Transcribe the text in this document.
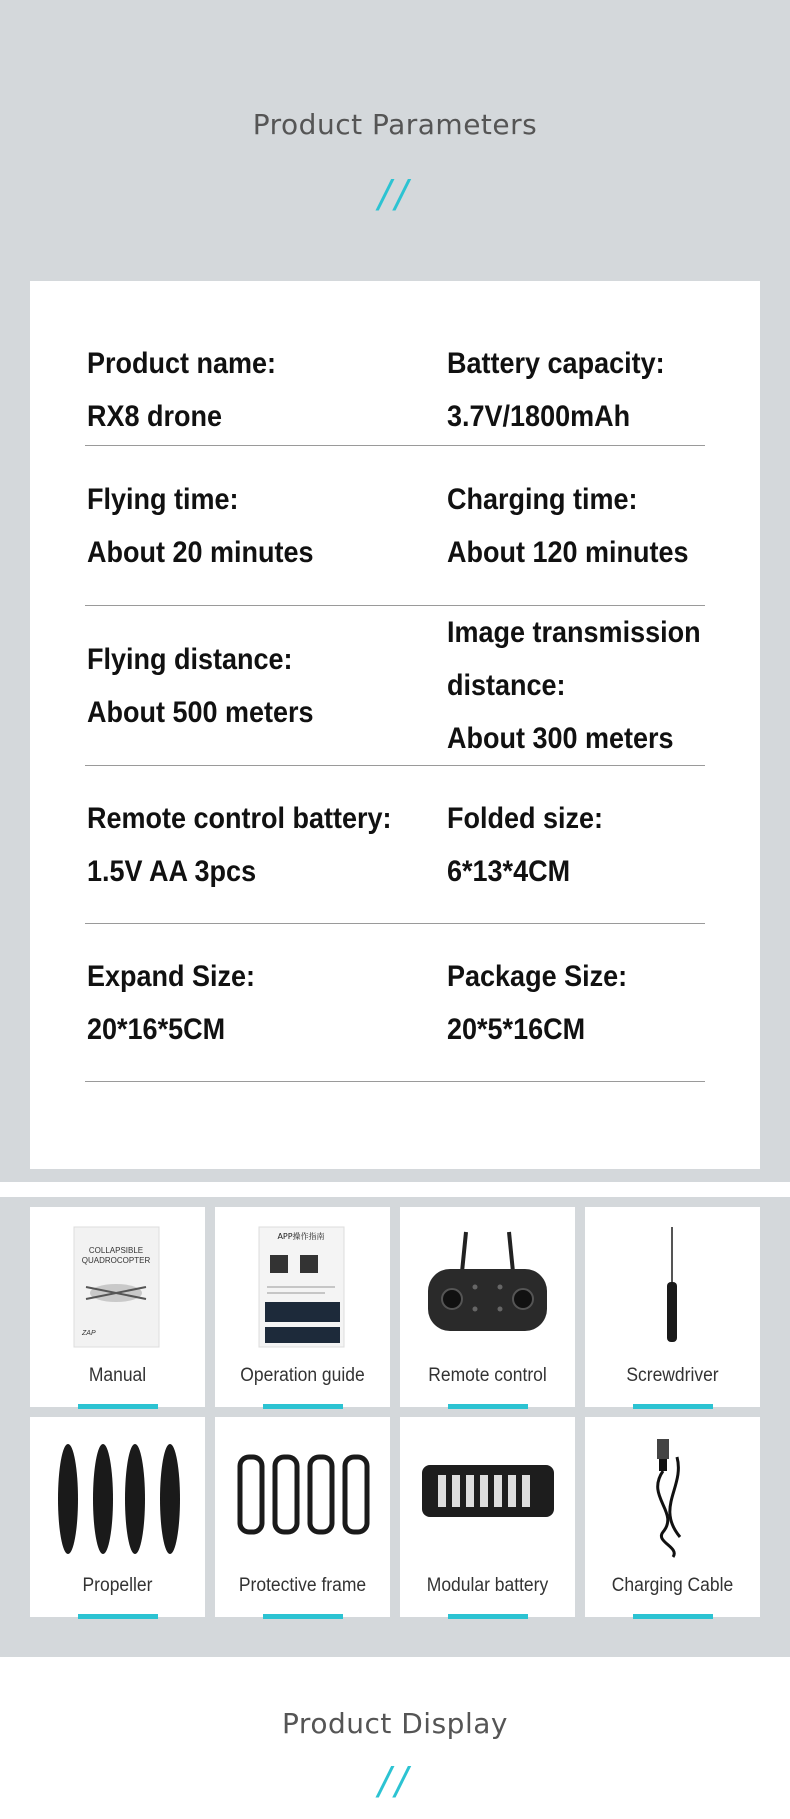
Product Parameters
//
Product name:
RX8 drone
Battery capacity:
3.7V/1800mAh
Flying time:
About 20 minutes
Charging time:
About 120 minutes
Flying distance:
About 500 meters
Image transmission
distance:
About 300 meters
Remote control battery:
1.5V AA 3pcs
Folded size:
6*13*4CM
Expand Size:
20*16*5CM
Package Size:
20*5*16CM
COLLAPSIBLE
QUADROCOPTER
ZAP
Manual
APP操作指南
Operation guide	Remote control	Screwdriver
Propeller	Protective frame	Modular battery	Charging Cable
Product Display
//
